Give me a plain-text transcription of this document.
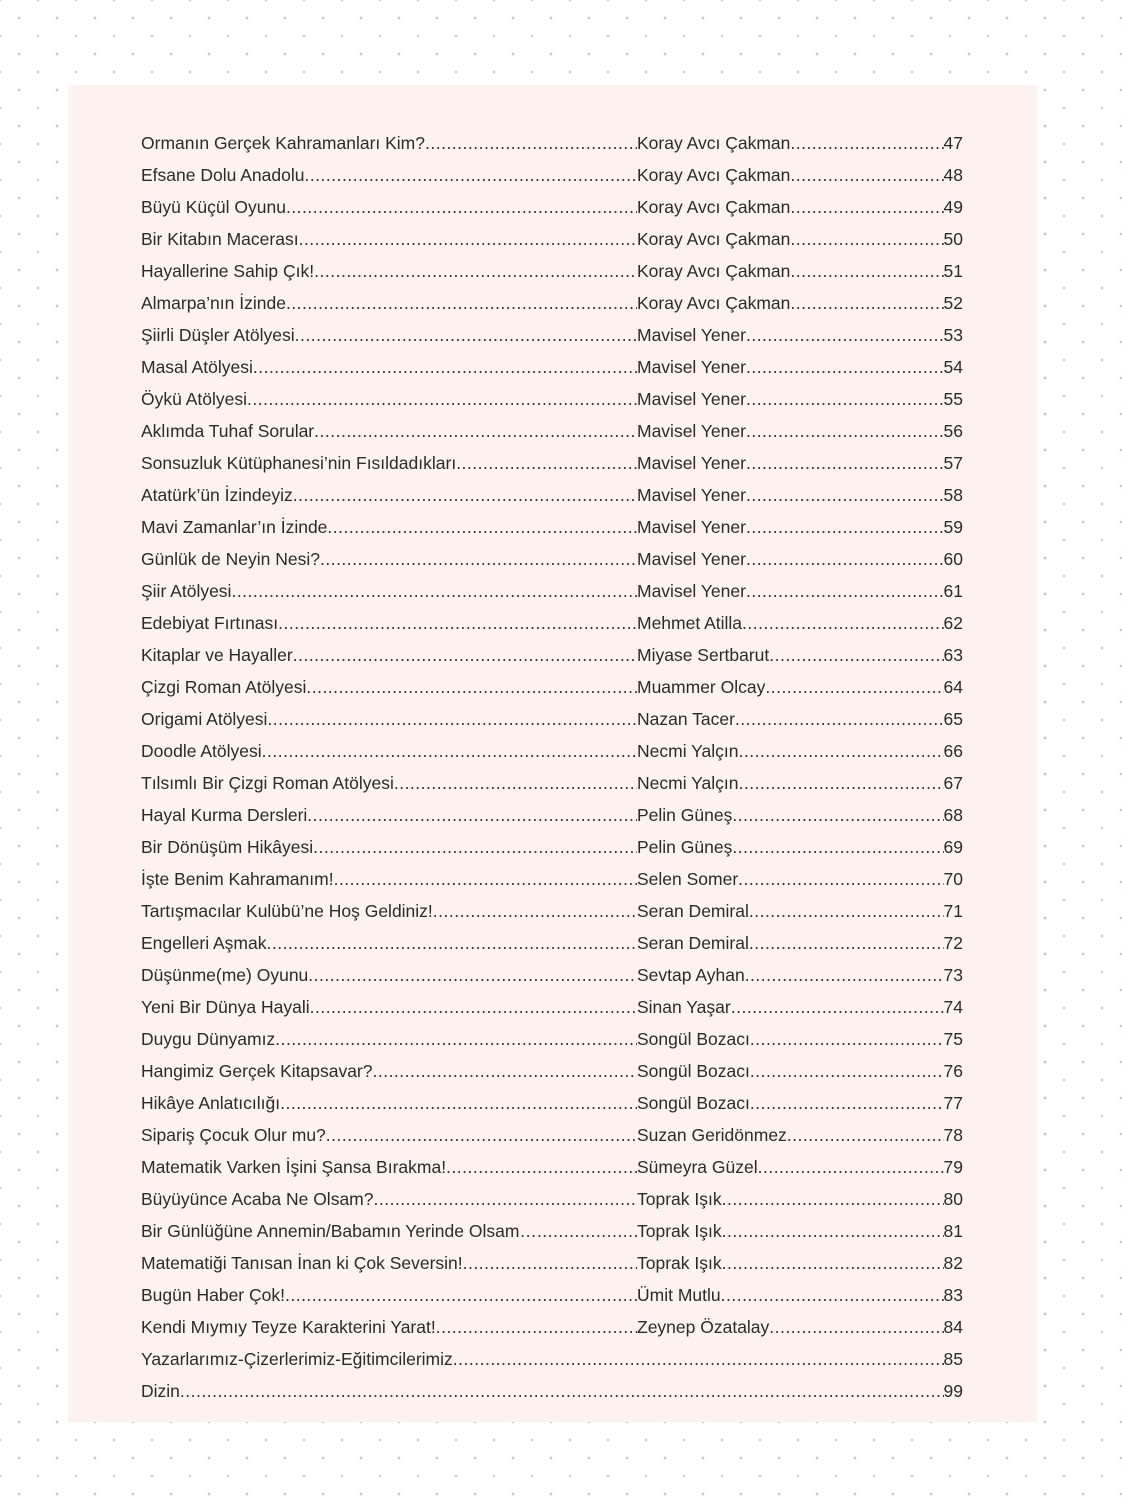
Ormanın Gerçek Kahramanları Kim? .....	Koray Avcı Çakman .....	47
Efsane Dolu Anadolu .....	Koray Avcı Çakman .....	48
Büyü Küçül Oyunu .....	Koray Avcı Çakman .....	49
Bir Kitabın Macerası .....	Koray Avcı Çakman .....	50
Hayallerine Sahip Çık! .....	Koray Avcı Çakman .....	51
Almarpa’nın İzinde .....	Koray Avcı Çakman .....	52
Şiirli Düşler Atölyesi .....	Mavisel Yener .....	53
Masal Atölyesi .....	Mavisel Yener .....	54
Öykü Atölyesi .....	Mavisel Yener .....	55
Aklımda Tuhaf Sorular .....	Mavisel Yener .....	56
Sonsuzluk Kütüphanesi’nin Fısıldadıkları .....	Mavisel Yener .....	57
Atatürk’ün İzindeyiz .....	Mavisel Yener .....	58
Mavi Zamanlar’ın İzinde .....	Mavisel Yener .....	59
Günlük de Neyin Nesi? .....	Mavisel Yener .....	60
Şiir Atölyesi .....	Mavisel Yener .....	61
Edebiyat Fırtınası .....	Mehmet Atilla .....	62
Kitaplar ve Hayaller .....	Miyase Sertbarut .....	63
Çizgi Roman Atölyesi .....	Muammer Olcay .....	64
Origami Atölyesi .....	Nazan Tacer .....	65
Doodle Atölyesi .....	Necmi Yalçın .....	66
Tılsımlı Bir Çizgi Roman Atölyesi .....	Necmi Yalçın .....	67
Hayal Kurma Dersleri .....	Pelin Güneş .....	68
Bir Dönüşüm Hikâyesi .....	Pelin Güneş .....	69
İşte Benim Kahramanım! .....	Selen Somer .....	70
Tartışmacılar Kulübü’ne Hoş Geldiniz! .....	Seran Demiral .....	71
Engelleri Aşmak .....	Seran Demiral .....	72
Düşünme(me) Oyunu .....	Sevtap Ayhan .....	73
Yeni Bir Dünya Hayali .....	Sinan Yaşar .....	74
Duygu Dünyamız .....	Songül Bozacı .....	75
Hangimiz Gerçek Kitapsavar? .....	Songül Bozacı .....	76
Hikâye Anlatıcılığı .....	Songül Bozacı .....	77
Sipariş Çocuk Olur mu? .....	Suzan Geridönmez .....	78
Matematik Varken İşini Şansa Bırakma! .....	Sümeyra Güzel .....	79
Büyüyünce Acaba Ne Olsam? .....	Toprak Işık .....	80
Bir Günlüğüne Annemin/Babamın Yerinde Olsam… .....	Toprak Işık .....	81
Matematiği Tanısan İnan ki Çok Seversin! .....	Toprak Işık .....	82
Bugün Haber Çok! .....	Ümit Mutlu .....	83
Kendi Mıymıy Teyze Karakterini Yarat! .....	Zeynep Özatalay .....	84
Yazarlarımız-Çizerlerimiz-Eğitimcilerimiz .....	85
Dizin .....	99
